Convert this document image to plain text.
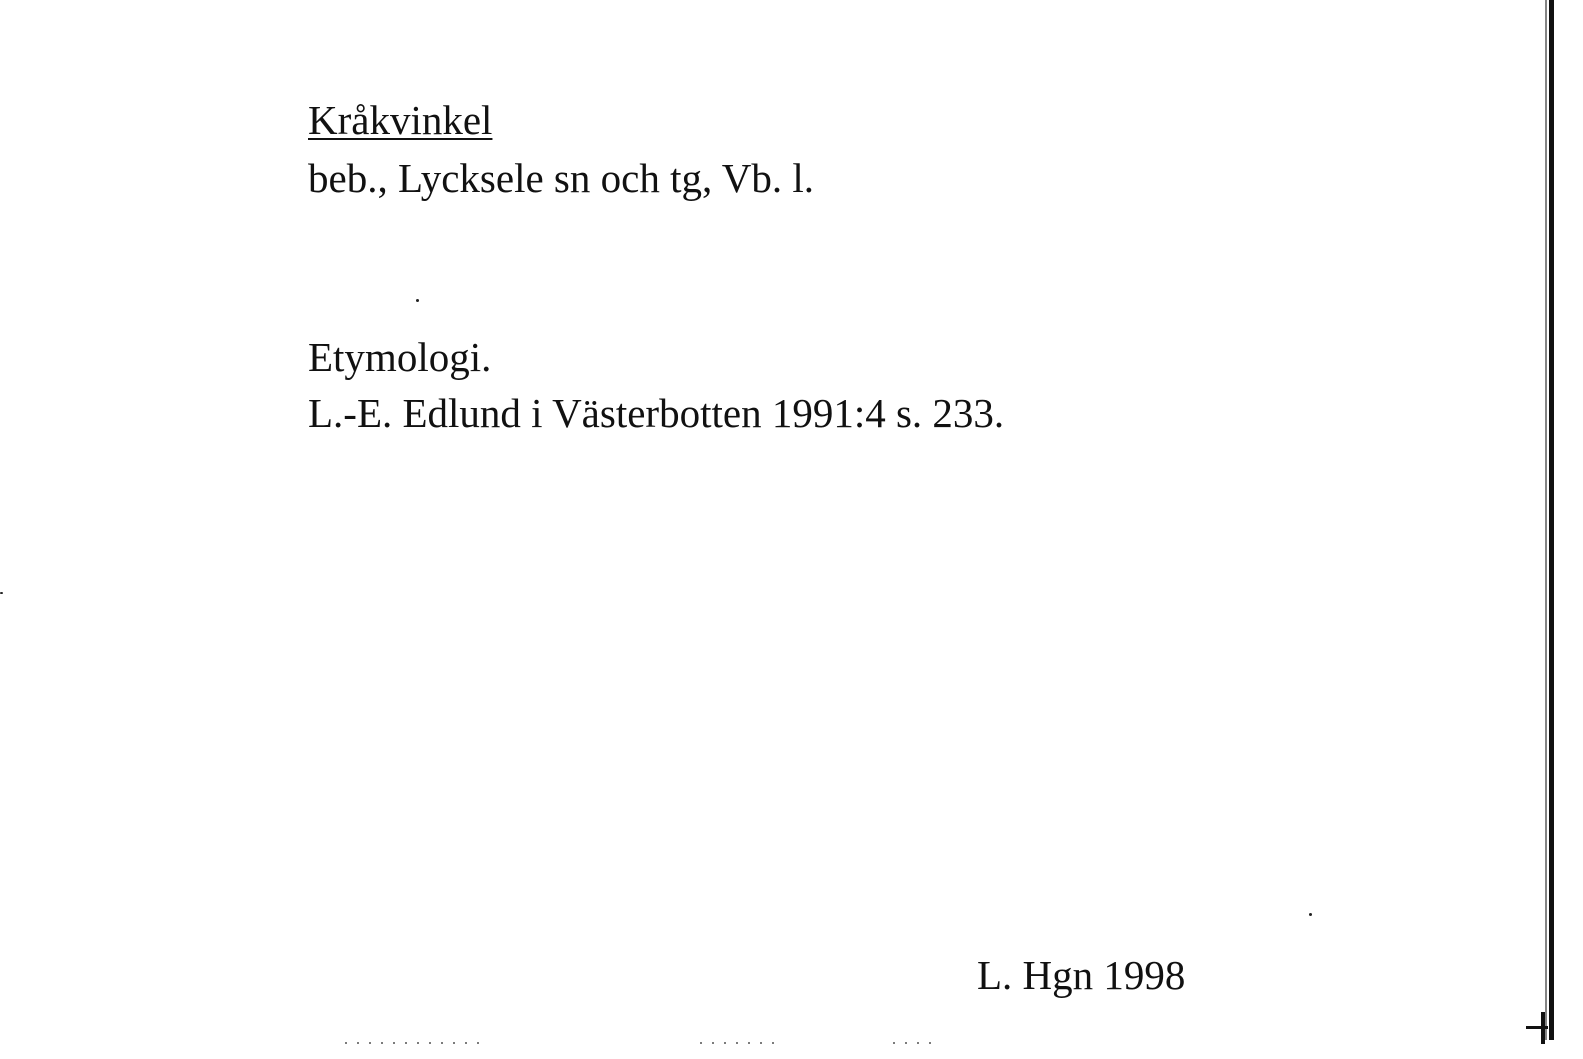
Kråkvinkel
beb., Lycksele sn och tg, Vb. l.
Etymologi.
L.-E. Edlund i Västerbotten 1991:4 s. 233.
L. Hgn 1998
